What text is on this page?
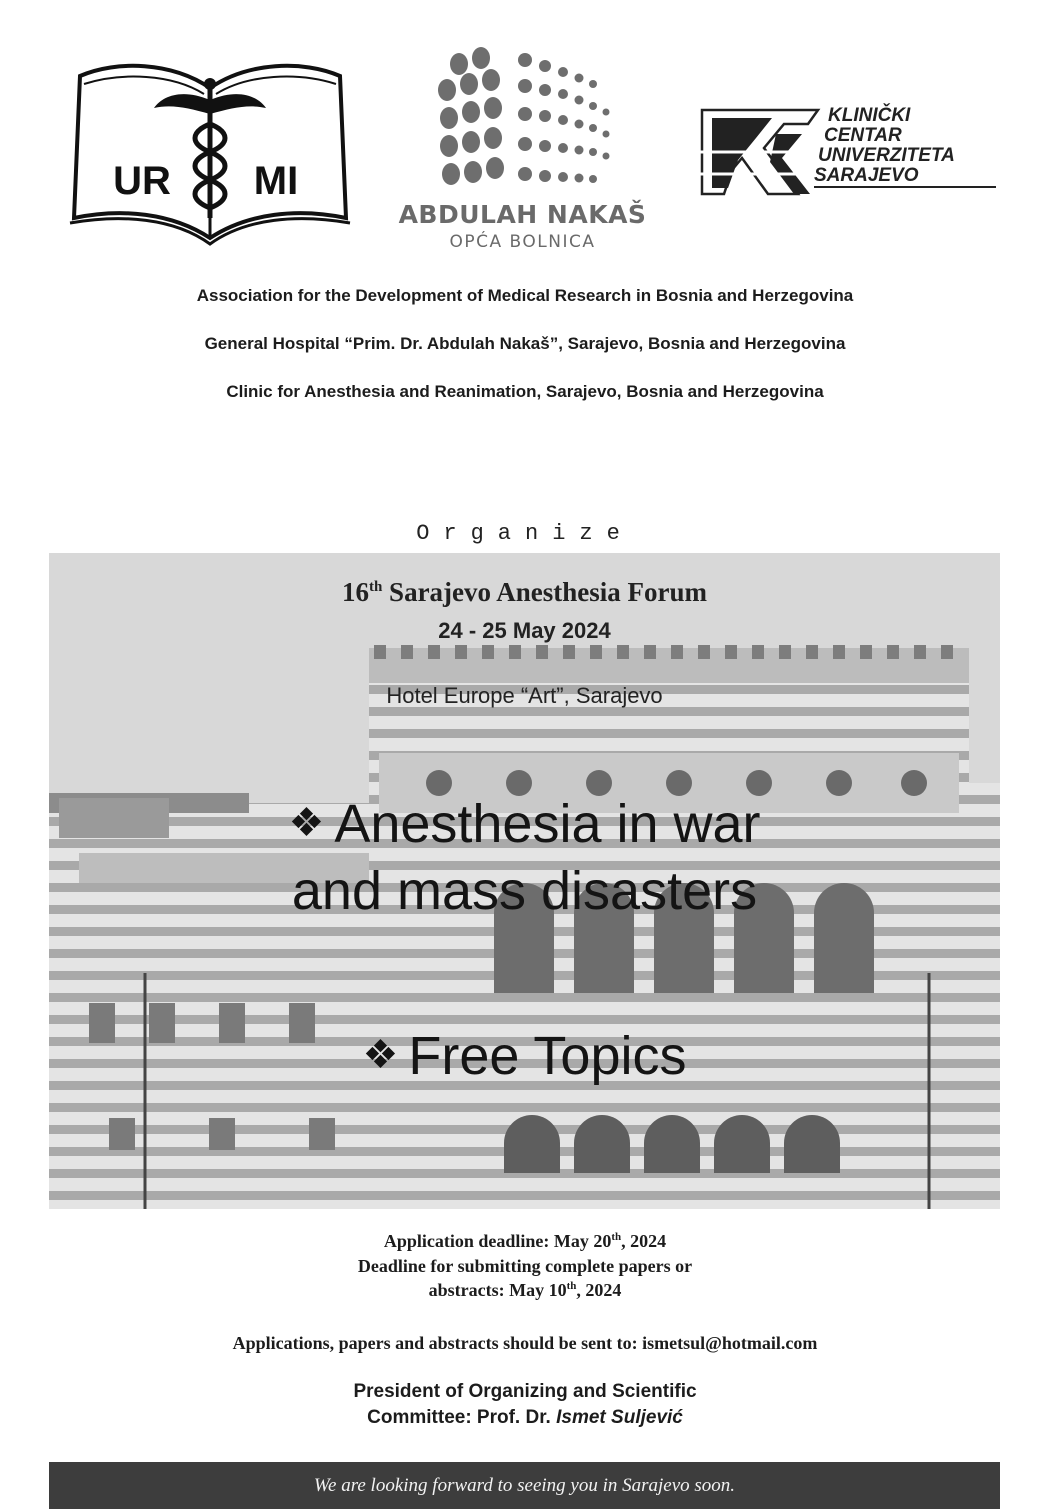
UR MI
ABDULAH NAKAŠ
OPĆA BOLNICA
KLINIČKI
CENTAR
UNIVERZITETA
SARAJEVO
Association for the Development of Medical Research in Bosnia and Herzegovina
General Hospital “Prim. Dr. Abdulah Nakaš”, Sarajevo, Bosnia and Herzegovina
Clinic for Anesthesia and Reanimation, Sarajevo, Bosnia and Herzegovina
Organize
16th Sarajevo Anesthesia Forum
24 - 25 May 2024
Hotel Europe “Art”, Sarajevo
❖ Anesthesia in war
and mass disasters
❖ Free Topics
We are looking forward to seeing you in Sarajevo soon.
Application deadline: May 20th, 2024
Deadline for submitting complete papers or
abstracts: May 10th, 2024
Applications, papers and abstracts should be sent to: ismetsul@hotmail.com
President of Organizing and Scientific
Committee: Prof. Dr. Ismet Suljević
